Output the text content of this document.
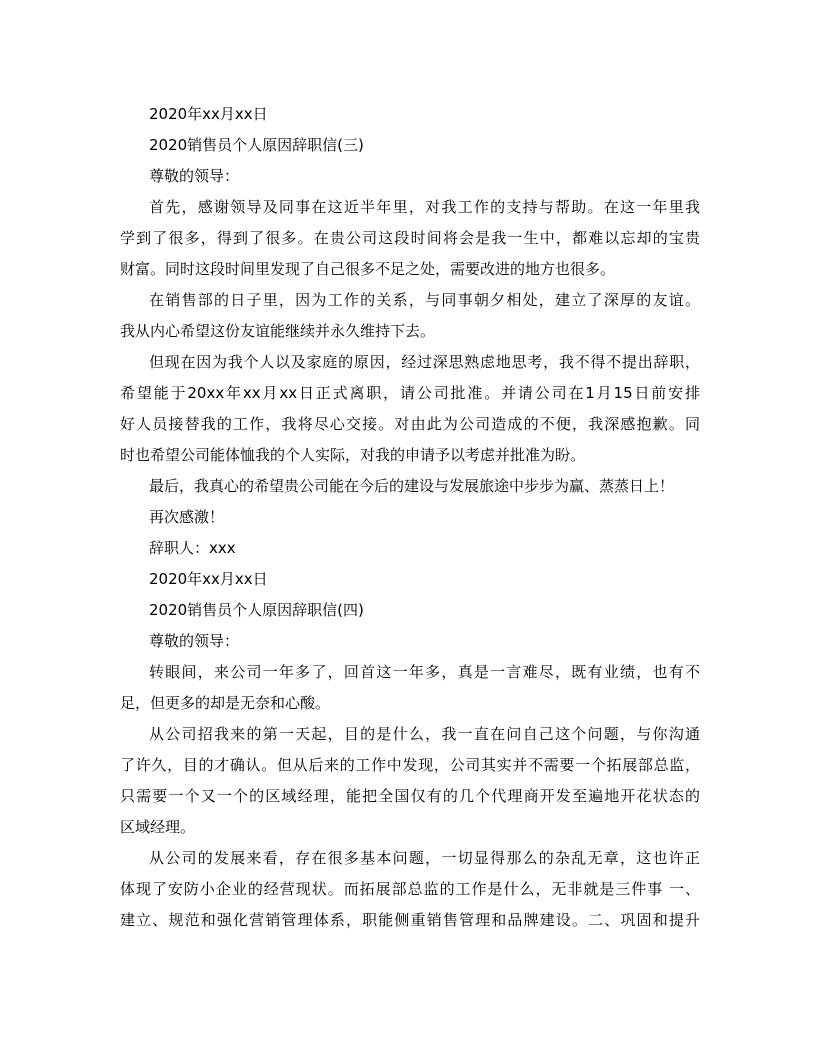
2020年xx月xx日
2020销售员个人原因辞职信(三)
尊敬的领导：
首先，感谢领导及同事在这近半年里，对我工作的支持与帮助。在这一年里我
学到了很多，得到了很多。在贵公司这段时间将会是我一生中，都难以忘却的宝贵
财富。同时这段时间里发现了自己很多不足之处，需要改进的地方也很多。
在销售部的日子里，因为工作的关系，与同事朝夕相处，建立了深厚的友谊。
我从内心希望这份友谊能继续并永久维持下去。
但现在因为我个人以及家庭的原因，经过深思熟虑地思考，我不得不提出辞职，
希望能于20xx年xx月xx日正式离职，请公司批准。并请公司在1月15日前安排
好人员接替我的工作，我将尽心交接。对由此为公司造成的不便，我深感抱歉。同
时也希望公司能体恤我的个人实际，对我的申请予以考虑并批准为盼。
最后，我真心的希望贵公司能在今后的建设与发展旅途中步步为赢、蒸蒸日上！
再次感激！
辞职人：xxx
2020年xx月xx日
2020销售员个人原因辞职信(四)
尊敬的领导：
转眼间，来公司一年多了，回首这一年多，真是一言难尽，既有业绩，也有不
足，但更多的却是无奈和心酸。
从公司招我来的第一天起，目的是什么，我一直在问自己这个问题，与你沟通
了许久，目的才确认。但从后来的工作中发现，公司其实并不需要一个拓展部总监，
只需要一个又一个的区域经理，能把全国仅有的几个代理商开发至遍地开花状态的
区域经理。
从公司的发展来看，存在很多基本问题，一切显得那么的杂乱无章，这也许正
体现了安防小企业的经营现状。而拓展部总监的工作是什么，无非就是三件事 一、
建立、规范和强化营销管理体系，职能侧重销售管理和品牌建设。二、巩固和提升
